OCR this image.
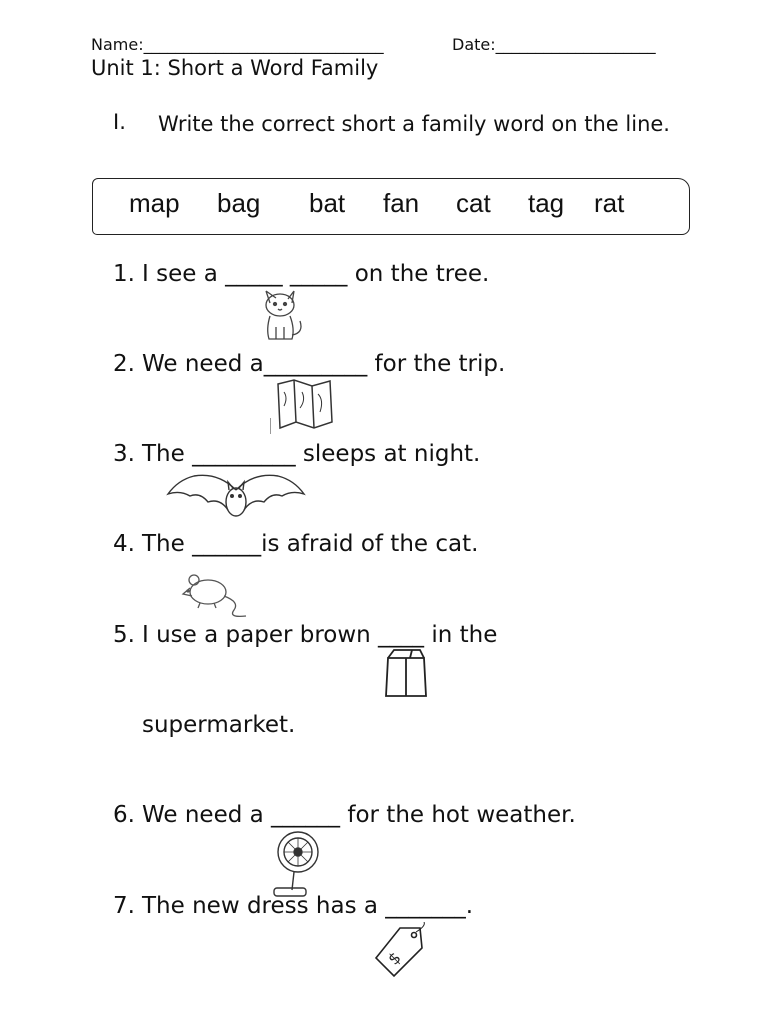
Name:______________________________	Date:____________________
Unit 1: Short a Word Family
I. Write the correct short a family word on the line.
map bag bat fan cat tag rat
1. I see a _____ _____ on the tree.
2. We need a_________ for the trip.
3. The _________ sleeps at night.
4. The ______is afraid of the cat.
5. I use a paper brown ____ in the
supermarket.
6. We need a ______ for the hot weather.
7. The new dress has a _______.
$
